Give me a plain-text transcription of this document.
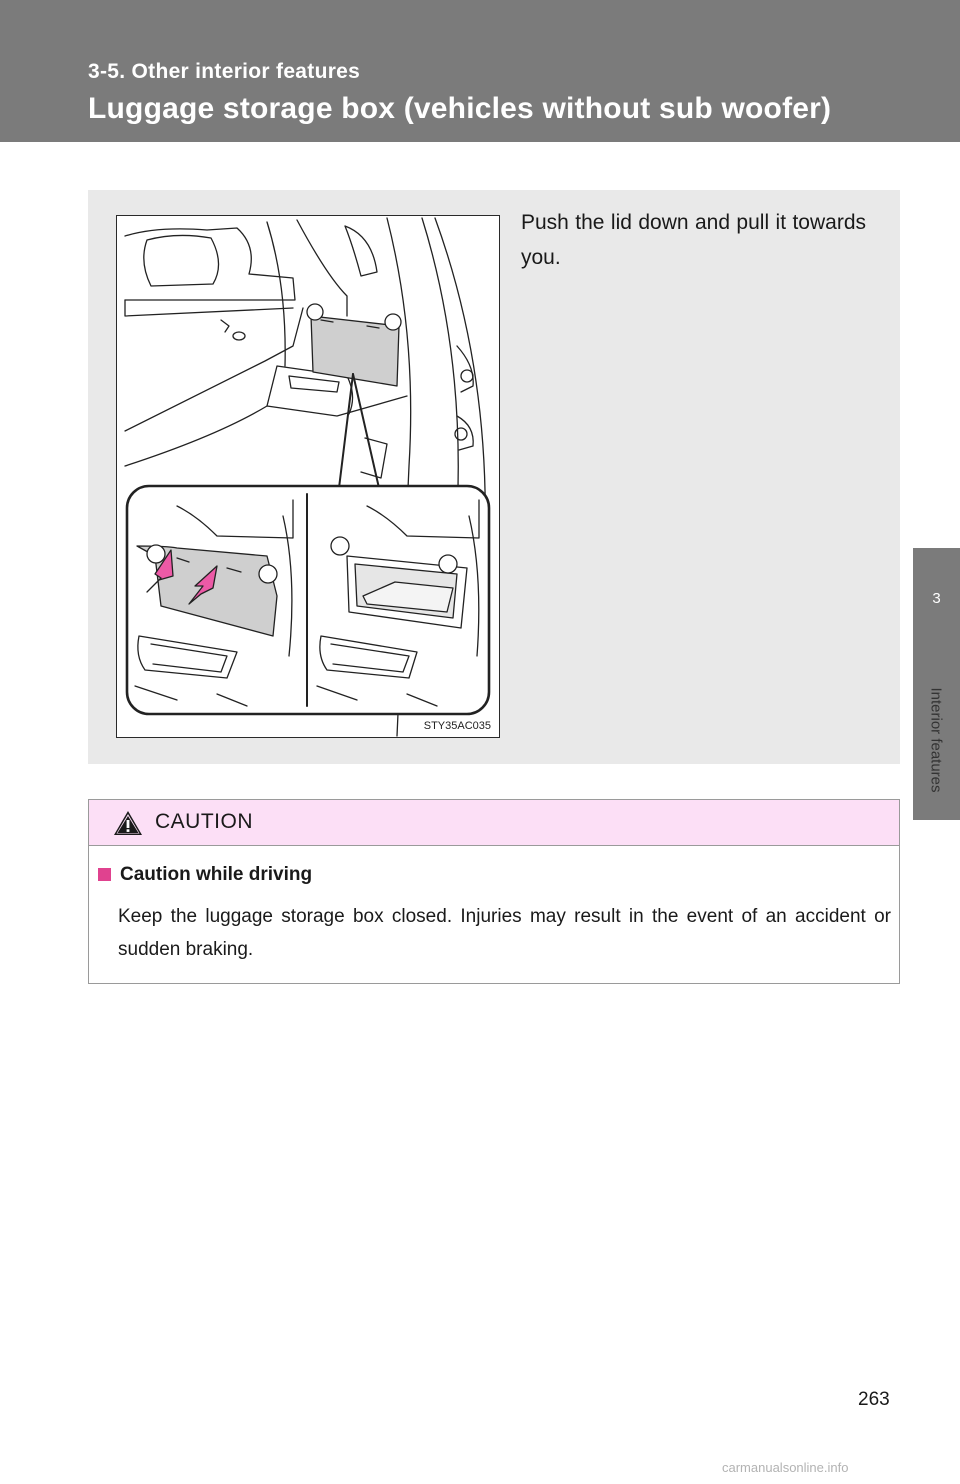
3-5. Other interior features

Luggage storage box (vehicles without sub woofer)
3
Interior features
STY35AC035

Push the lid down and pull it towards you.

CAUTION
Caution while driving

Keep the luggage storage box closed. Injuries may result in the event of an accident or sudden braking.

263
carmanualsonline.info
